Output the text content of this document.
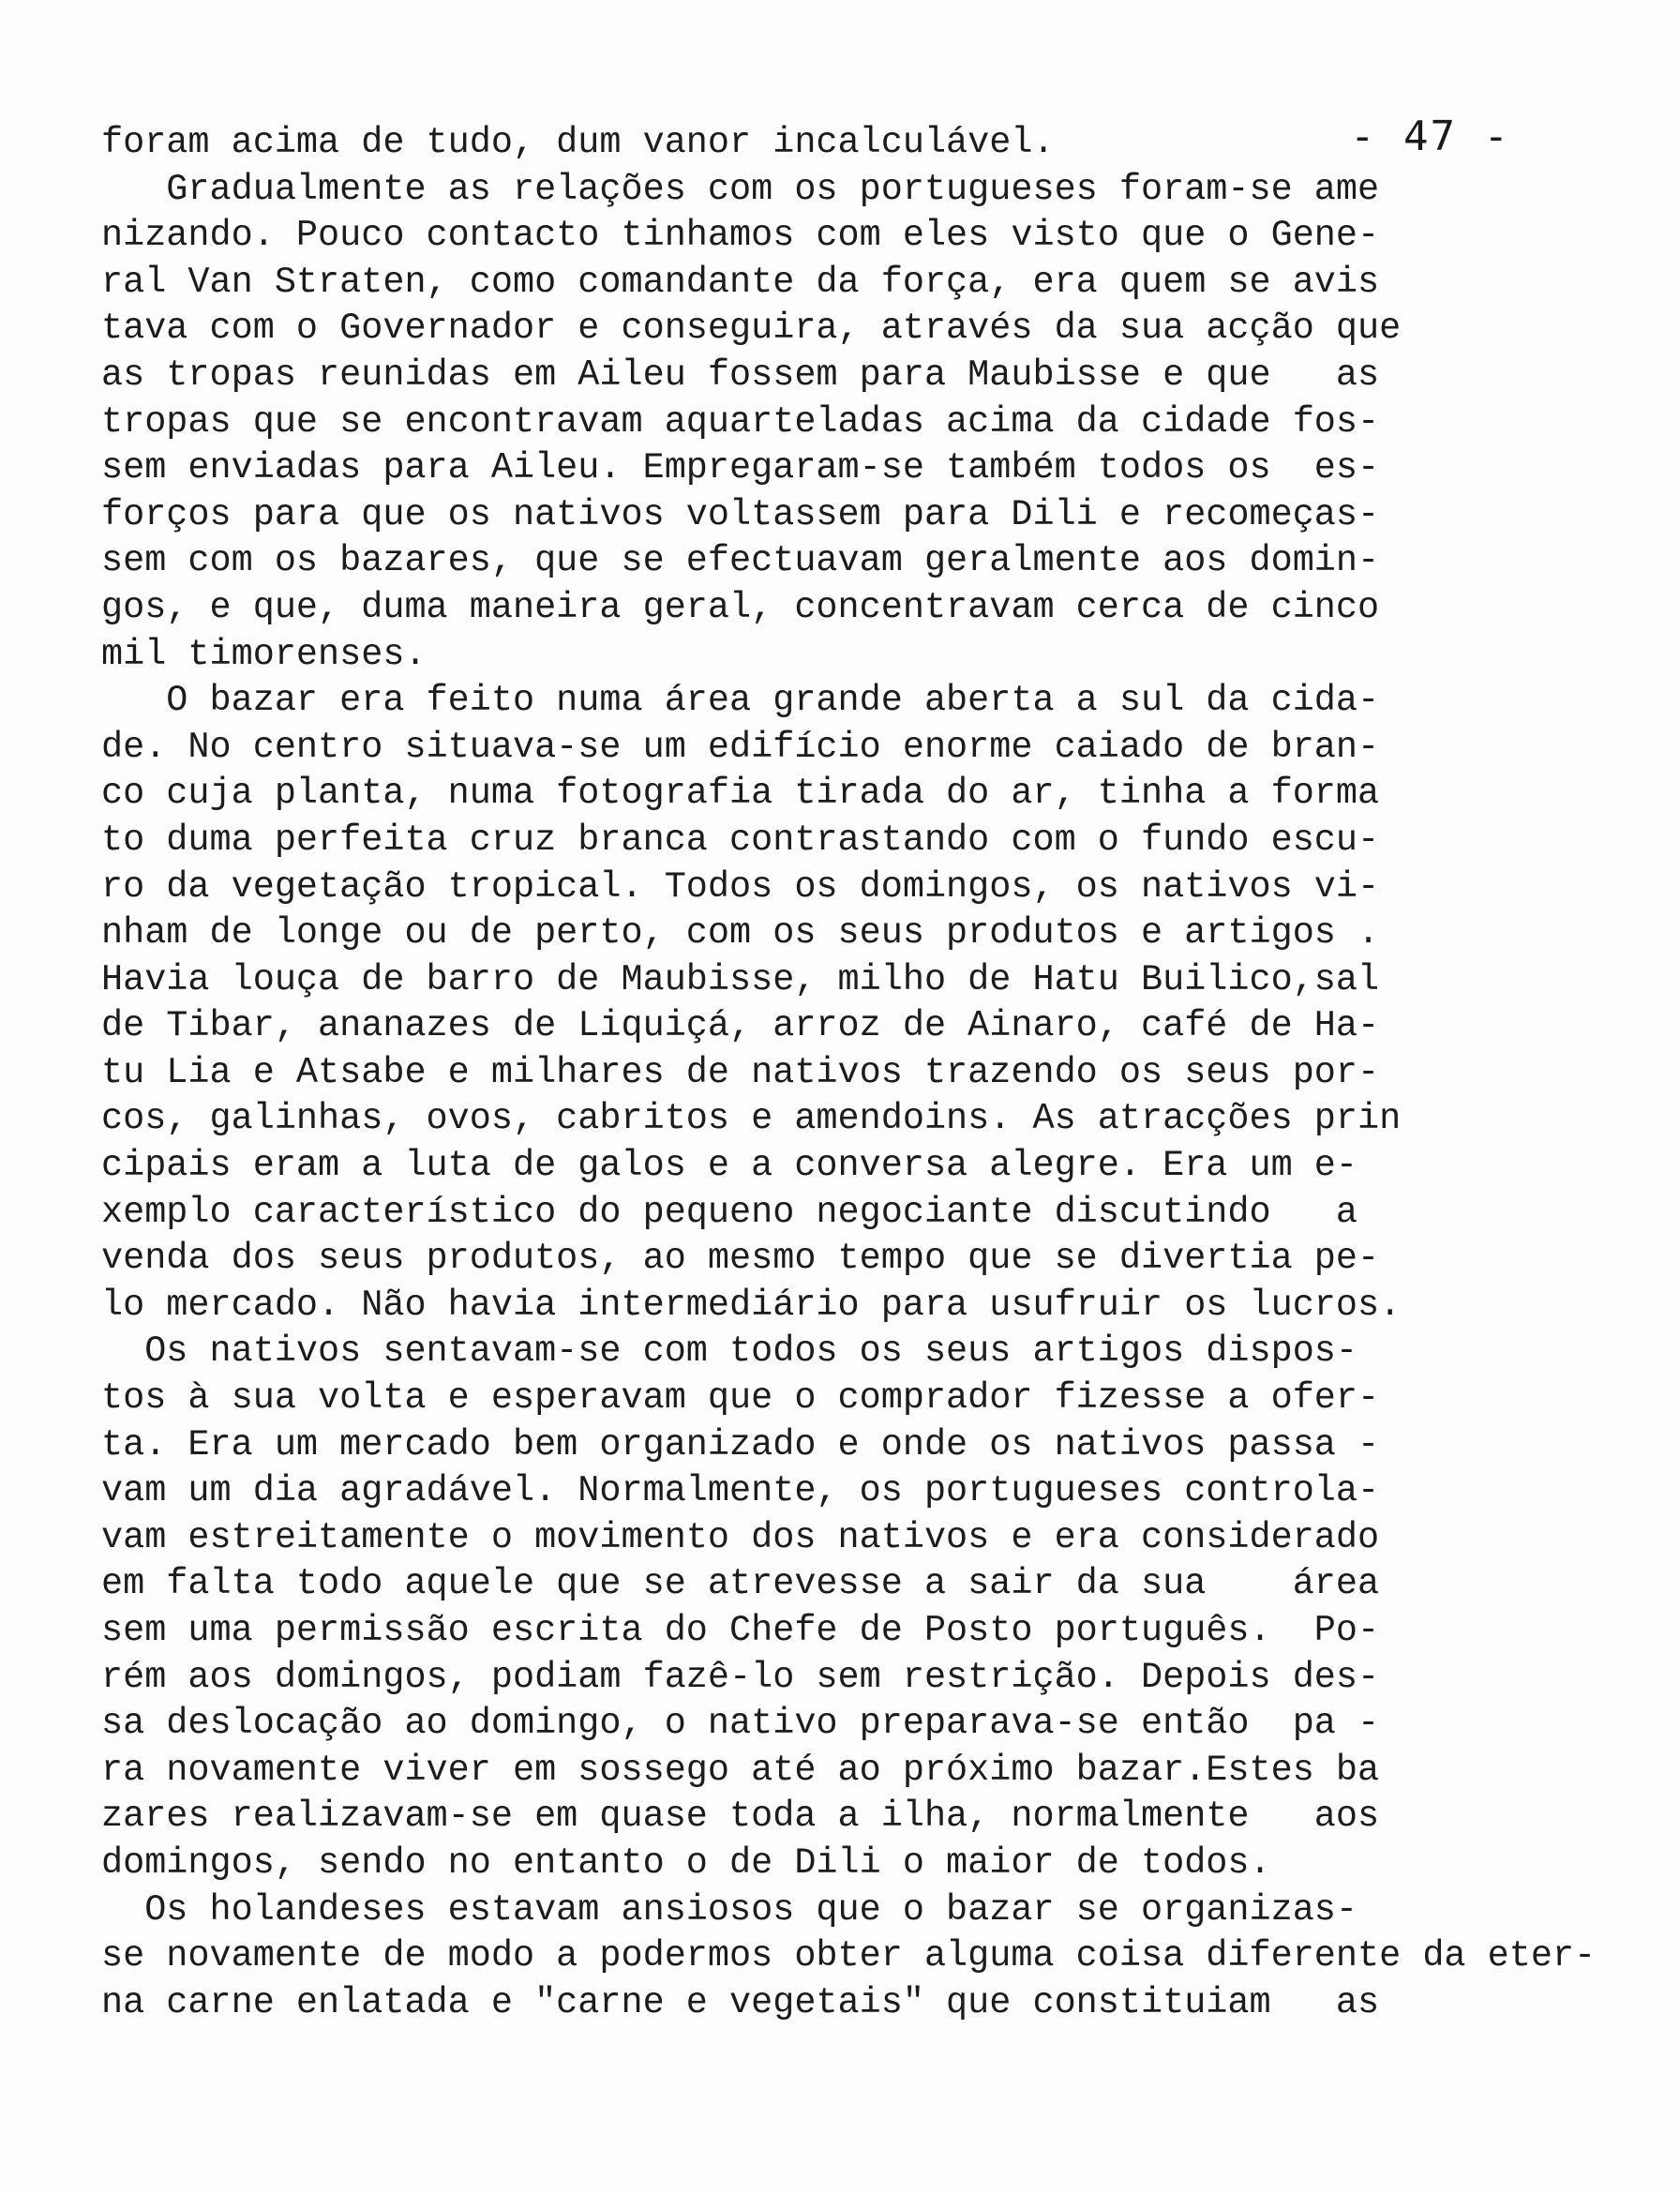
- 47 -
foram acima de tudo, dum vanor incalculável.
Gradualmente as relações com os portugueses foram-se ame
nizando. Pouco contacto tinhamos com eles visto que o Gene-
ral Van Straten, como comandante da força, era quem se avis
tava com o Governador e conseguira, através da sua acção que
as tropas reunidas em Aileu fossem para Maubisse e que   as
tropas que se encontravam aquarteladas acima da cidade fos-
sem enviadas para Aileu. Empregaram-se também todos os  es-
forços para que os nativos voltassem para Dili e recomeças-
sem com os bazares, que se efectuavam geralmente aos domin-
gos, e que, duma maneira geral, concentravam cerca de cinco
mil timorenses.
O bazar era feito numa área grande aberta a sul da cida-
de. No centro situava-se um edifício enorme caiado de bran-
co cuja planta, numa fotografia tirada do ar, tinha a forma
to duma perfeita cruz branca contrastando com o fundo escu-
ro da vegetação tropical. Todos os domingos, os nativos vi-
nham de longe ou de perto, com os seus produtos e artigos .
Havia louça de barro de Maubisse, milho de Hatu Builico,sal
de Tibar, ananazes de Liquiçá, arroz de Ainaro, café de Ha-
tu Lia e Atsabe e milhares de nativos trazendo os seus por-
cos, galinhas, ovos, cabritos e amendoins. As atracções prin
cipais eram a luta de galos e a conversa alegre. Era um e-
xemplo característico do pequeno negociante discutindo   a
venda dos seus produtos, ao mesmo tempo que se divertia pe-
lo mercado. Não havia intermediário para usufruir os lucros.
Os nativos sentavam-se com todos os seus artigos dispos-
tos à sua volta e esperavam que o comprador fizesse a ofer-
ta. Era um mercado bem organizado e onde os nativos passa -
vam um dia agradável. Normalmente, os portugueses controla-
vam estreitamente o movimento dos nativos e era considerado
em falta todo aquele que se atrevesse a sair da sua    área
sem uma permissão escrita do Chefe de Posto português.  Po-
rém aos domingos, podiam fazê-lo sem restrição. Depois des-
sa deslocação ao domingo, o nativo preparava-se então  pa -
ra novamente viver em sossego até ao próximo bazar.Estes ba
zares realizavam-se em quase toda a ilha, normalmente   aos
domingos, sendo no entanto o de Dili o maior de todos.
Os holandeses estavam ansiosos que o bazar se organizas-
se novamente de modo a podermos obter alguma coisa diferente da eter-
na carne enlatada e "carne e vegetais" que constituiam   as
